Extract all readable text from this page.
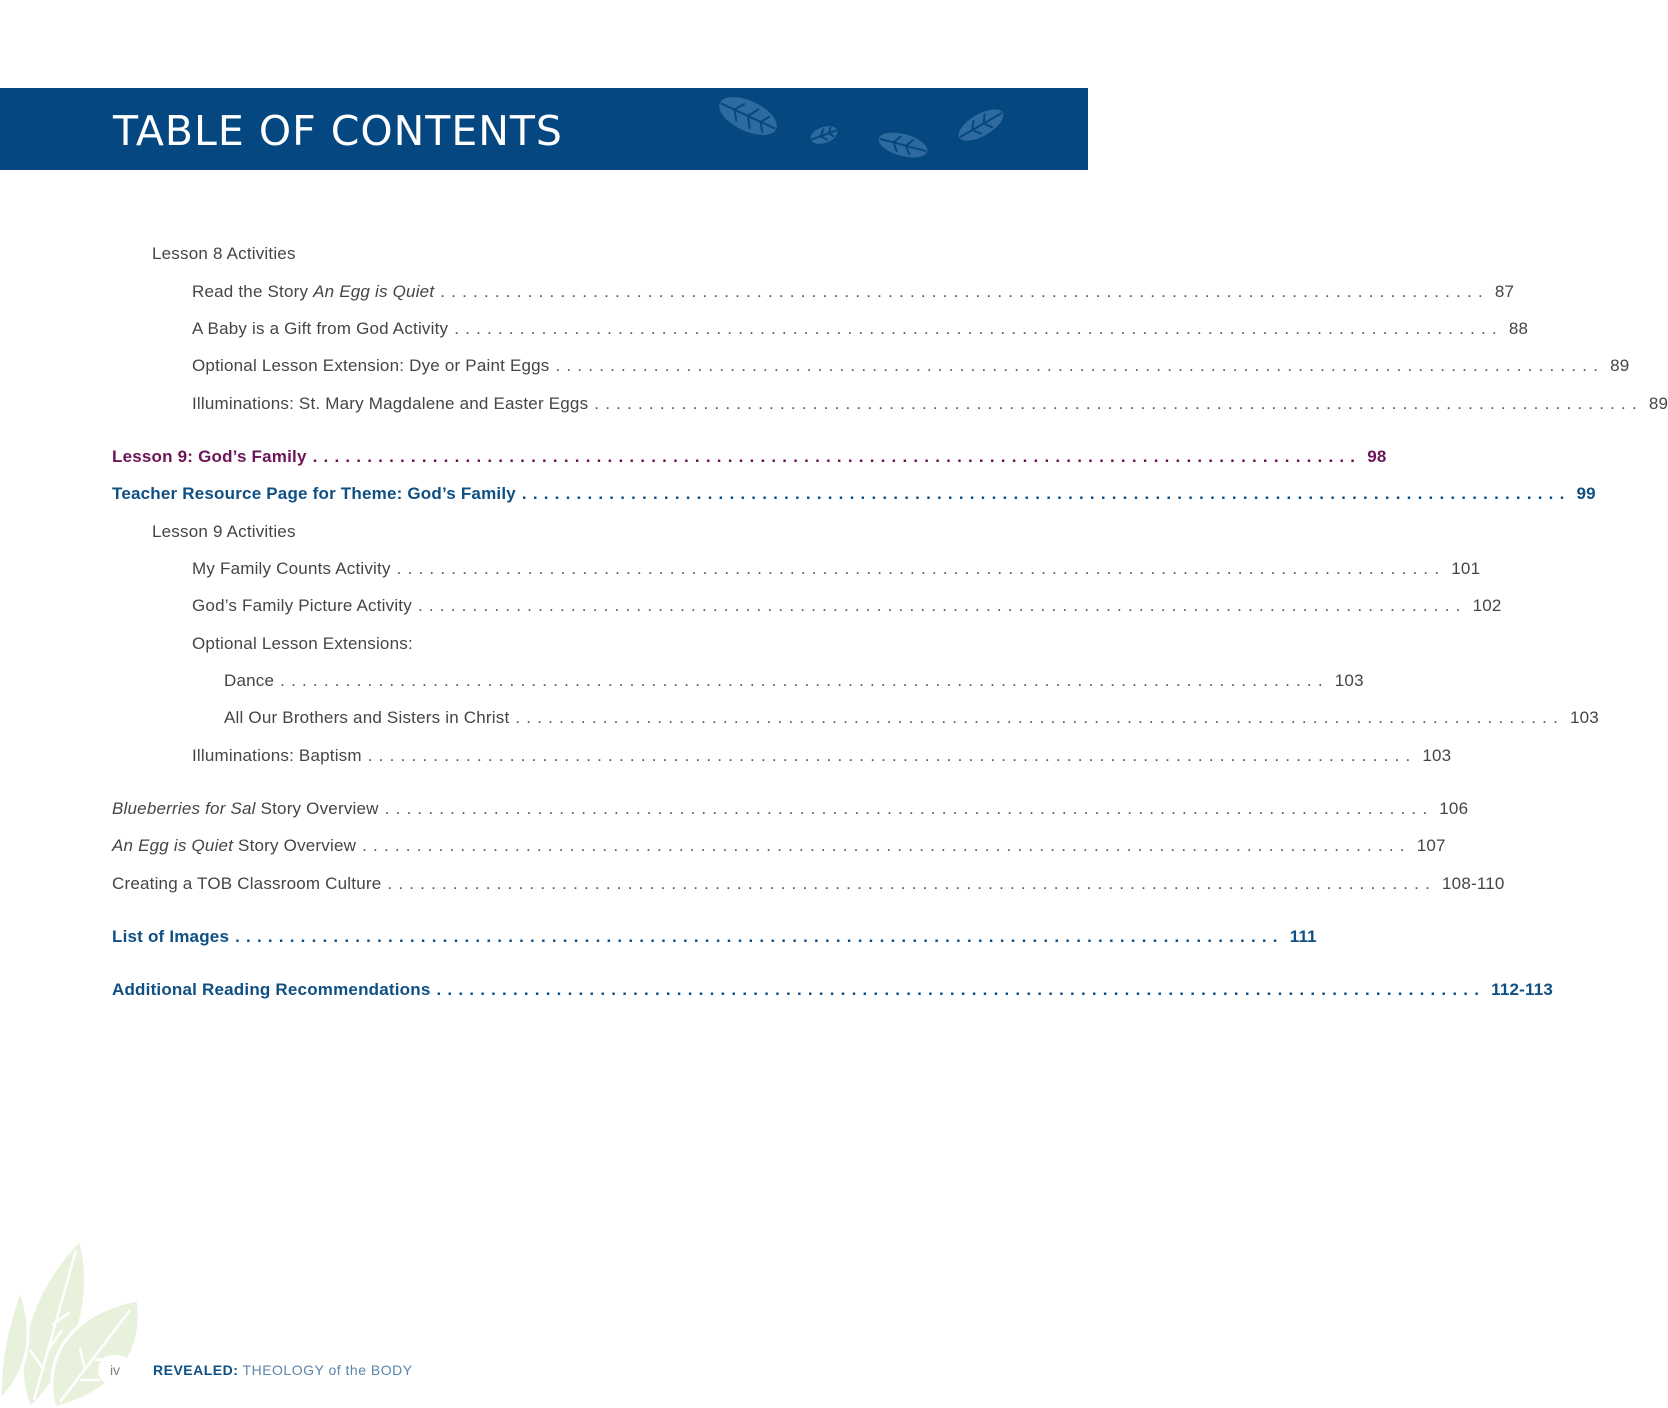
TABLE OF CONTENTS
Lesson 8 Activities
Read the Story An Egg is Quiet ................................................................................................ 87
A Baby is a Gift from God Activity ................................................................................................ 88
Optional Lesson Extension: Dye or Paint Eggs ................................................................................................ 89
Illuminations: St. Mary Magdalene and Easter Eggs ................................................................................................ 89
Lesson 9: God’s Family ................................................................................................ 98
Teacher Resource Page for Theme: God’s Family ................................................................................................ 99
Lesson 9 Activities
My Family Counts Activity ................................................................................................ 101
God’s Family Picture Activity ................................................................................................ 102
Optional Lesson Extensions:
Dance ................................................................................................ 103
All Our Brothers and Sisters in Christ ................................................................................................ 103
Illuminations: Baptism ................................................................................................ 103
Blueberries for Sal Story Overview ................................................................................................ 106
An Egg is Quiet Story Overview ................................................................................................ 107
Creating a TOB Classroom Culture ................................................................................................ 108-110
List of Images ................................................................................................ 111
Additional Reading Recommendations ................................................................................................ 112-113
iv	REVEALED: THEOLOGY of the BODY
